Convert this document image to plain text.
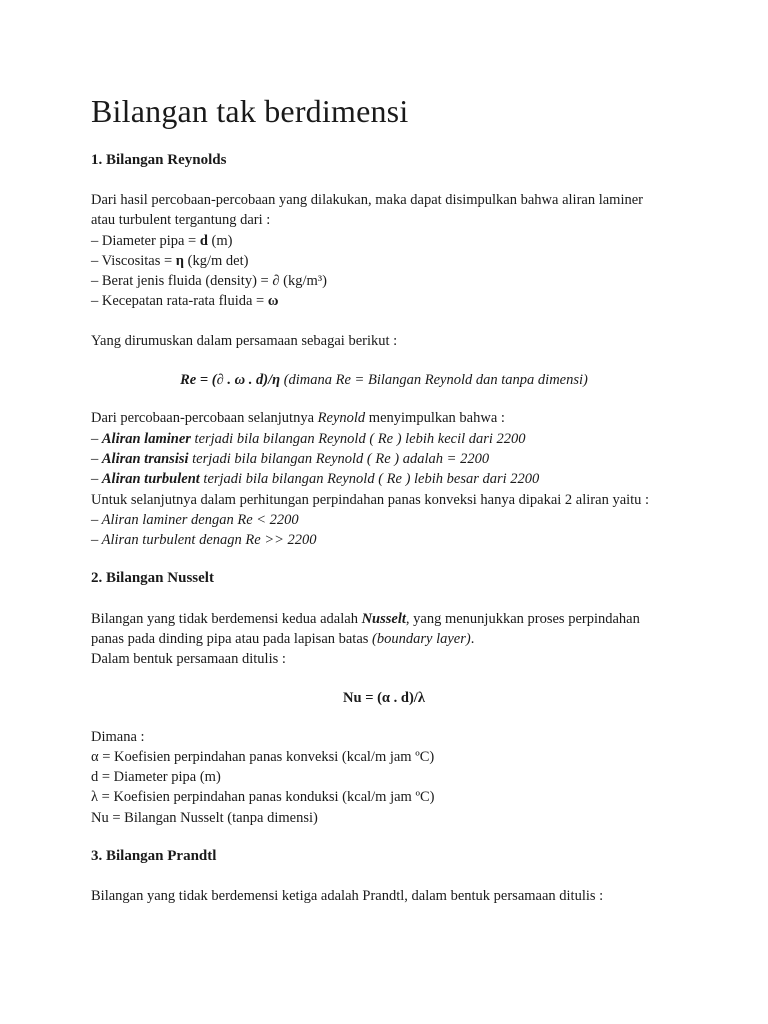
Bilangan tak berdimensi
1. Bilangan Reynolds
Dari hasil percobaan-percobaan yang dilakukan, maka dapat disimpulkan bahwa aliran laminer
atau turbulent tergantung dari :
– Diameter pipa = d (m)
– Viscositas = η (kg/m det)
– Berat jenis fluida (density) = ∂ (kg/m³)
– Kecepatan rata-rata fluida = ω
Yang dirumuskan dalam persamaan sebagai berikut :
Re = (∂ . ω . d)/η (dimana Re = Bilangan Reynold dan tanpa dimensi)
Dari percobaan-percobaan selanjutnya Reynold menyimpulkan bahwa :
– Aliran laminer terjadi bila bilangan Reynold ( Re ) lebih kecil dari 2200
– Aliran transisi terjadi bila bilangan Reynold ( Re ) adalah = 2200
– Aliran turbulent terjadi bila bilangan Reynold ( Re ) lebih besar dari 2200
Untuk selanjutnya dalam perhitungan perpindahan panas konveksi hanya dipakai 2 aliran yaitu :
– Aliran laminer dengan Re < 2200
– Aliran turbulent denagn Re >> 2200
2. Bilangan Nusselt
Bilangan yang tidak berdemensi kedua adalah Nusselt, yang menunjukkan proses perpindahan
panas pada dinding pipa atau pada lapisan batas (boundary layer).
Dalam bentuk persamaan ditulis :
Nu = (α . d)/λ
Dimana :
α = Koefisien perpindahan panas konveksi (kcal/m jam ºC)
d = Diameter pipa (m)
λ = Koefisien perpindahan panas konduksi (kcal/m jam ºC)
Nu = Bilangan Nusselt (tanpa dimensi)
3. Bilangan Prandtl
Bilangan yang tidak berdemensi ketiga adalah Prandtl, dalam bentuk persamaan ditulis :
